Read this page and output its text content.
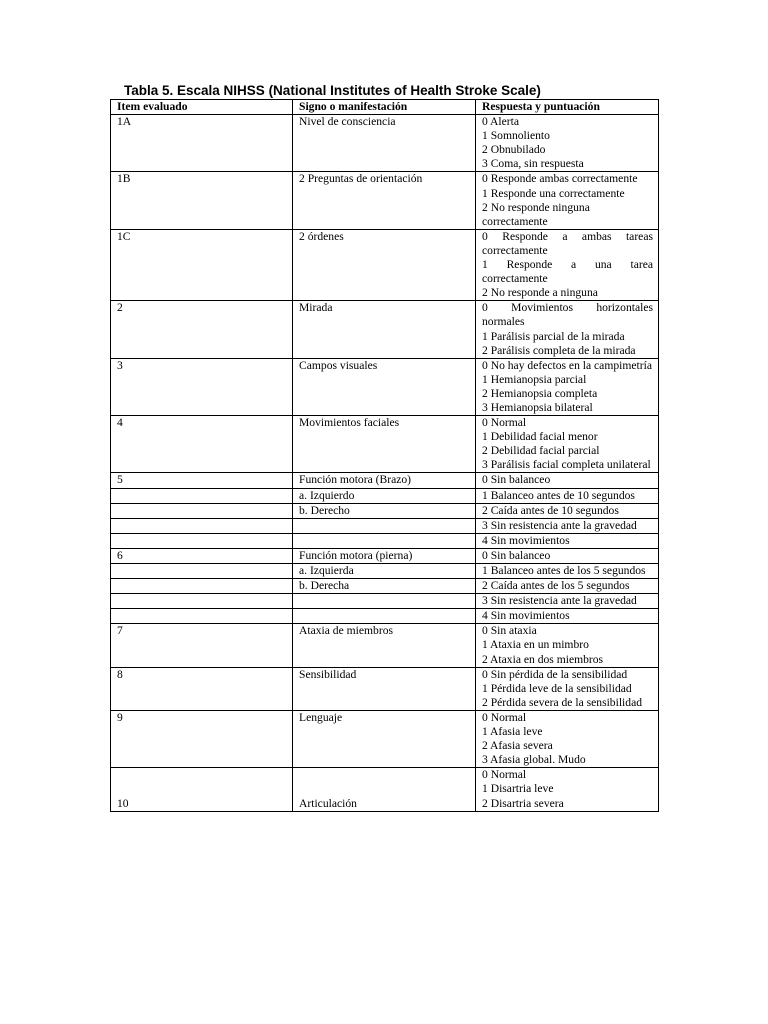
Tabla 5. Escala NIHSS (National Institutes of Health Stroke Scale)
Item evaluado	Signo o manifestación	Respuesta y puntuación
1A	Nivel de consciencia	0 Alerta
1 Somnoliento
2 Obnubilado
3 Coma, sin respuesta

1B	2 Preguntas de orientación	0 Responde ambas correctamente
1 Responde una correctamente
2 No responde ninguna correctamente

1C	2 órdenes	0 Responde a ambas tareas correctamente
1 Responde a una tarea correctamente
2 No responde a ninguna

2	Mirada	0 Movimientos horizontales normales
1 Parálisis parcial de la mirada
2 Parálisis completa de la mirada

3	Campos visuales	0 No hay defectos en la campimetría
1 Hemianopsia parcial
2 Hemianopsia completa
3 Hemianopsia bilateral

4	Movimientos faciales	0 Normal
1 Debilidad facial menor
2 Debilidad facial parcial
3 Parálisis facial completa unilateral

5	Función motora (Brazo)	0 Sin balanceo

	a. Izquierdo	1 Balanceo antes de 10 segundos

	b. Derecho	2 Caída antes de 10 segundos

		3 Sin resistencia ante la gravedad

		4 Sin movimientos

6	Función motora (pierna)	0 Sin balanceo

	a. Izquierda	1 Balanceo antes de los 5 segundos

	b. Derecha	2 Caída antes de los 5 segundos

		3 Sin resistencia ante la gravedad

		4 Sin movimientos

7	Ataxia de miembros	0 Sin ataxia
1 Ataxia en un mimbro
2 Ataxia en dos miembros

8	Sensibilidad	0 Sin pérdida de la sensibilidad
1 Pérdida leve de la sensibilidad
2 Pérdida severa de la sensibilidad

9	Lenguaje	0 Normal
1 Afasia leve
2 Afasia severa
3 Afasia global. Mudo

10	Articulación	0 Normal
1 Disartria leve
2 Disartria severa
